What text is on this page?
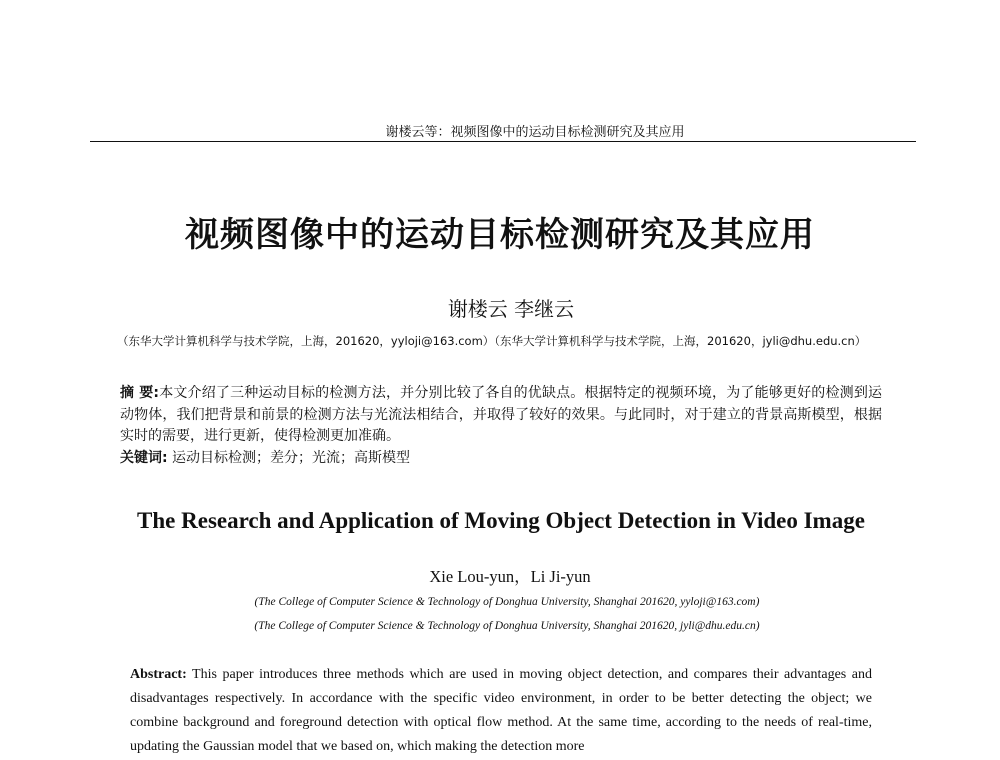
谢楼云等：视频图像中的运动目标检测研究及其应用
视频图像中的运动目标检测研究及其应用
谢楼云 李继云
（东华大学计算机科学与技术学院，上海，201620，yyloji@163.com）（东华大学计算机科学与技术学院，上海，201620，jyli@dhu.edu.cn）
摘 要:本文介绍了三种运动目标的检测方法，并分别比较了各自的优缺点。根据特定的视频环境，为了能够更好的检测到运动物体，我们把背景和前景的检测方法与光流法相结合，并取得了较好的效果。与此同时，对于建立的背景高斯模型，根据实时的需要，进行更新，使得检测更加准确。
关键词: 运动目标检测；差分；光流；高斯模型
The Research and Application of Moving Object Detection in Video Image
Xie Lou-yun，Li Ji-yun
(The College of Computer Science & Technology of Donghua University, Shanghai 201620, yyloji@163.com)
(The College of Computer Science & Technology of Donghua University, Shanghai 201620, jyli@dhu.edu.cn)
Abstract: This paper introduces three methods which are used in moving object detection, and compares their advantages and disadvantages respectively. In accordance with the specific video environment, in order to be better detecting the object; we combine background and foreground detection with optical flow method. At the same time, according to the needs of real-time, updating the Gaussian model that we based on, which making the detection more
